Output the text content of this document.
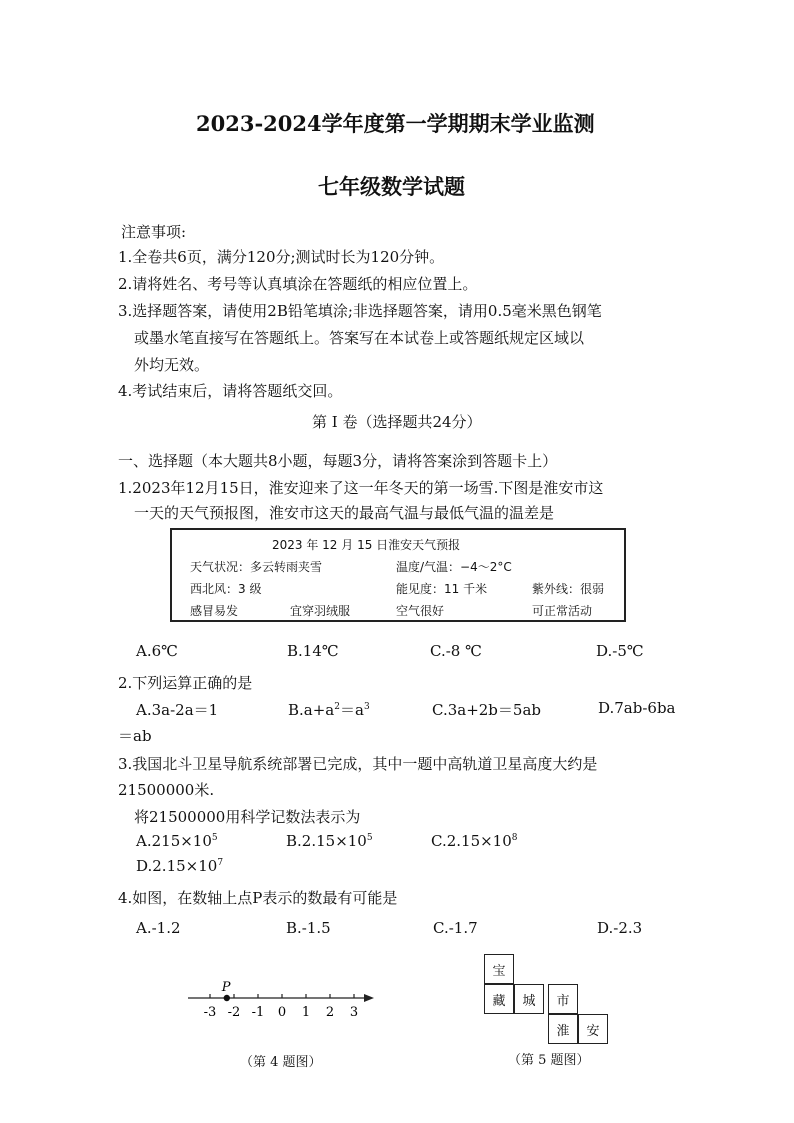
2023-2024学年度第一学期期末学业监测
七年级数学试题
注意事项:
1.全卷共6页，满分120分;测试时长为120分钟。
2.请将姓名、考号等认真填涂在答题纸的相应位置上。
3.选择题答案，请使用2B铅笔填涂;非选择题答案，请用0.5毫米黑色钢笔
或墨水笔直接写在答题纸上。答案写在本试卷上或答题纸规定区域以
外均无效。
4.考试结束后，请将答题纸交回。
第 I 卷（选择题共24分）
一、选择题（本大题共8小题，每题3分，请将答案涂到答题卡上）
1.2023年12月15日，淮安迎来了这一年冬天的第一场雪.下图是淮安市这
一天的天气预报图，淮安市这天的最高气温与最低气温的温差是
2023 年 12 月 15 日淮安天气预报
天气状况：多云转雨夹雪	温度/气温：−4～2°C
西北风：3 级	能见度：11 千米	紫外线：很弱
感冒易发	宜穿羽绒服	空气很好	可正常活动
A.6℃	B.14℃	C.-8 ℃	D.-5℃
2.下列运算正确的是
A.3a-2a＝1	$B.a+a^2=a^3$	C.3a+2b＝5ab	D.7ab-6ba
＝ab
3.我国北斗卫星导航系统部署已完成，其中一题中高轨道卫星高度大约是
21500000米.
将21500000用科学记数法表示为
$A.215\times 10^5$	$B.2.15\times 10^5$	$C.2.15\times 10^8$
$D.2.15\times 10^7$
4.如图，在数轴上点P表示的数最有可能是
A.-1.2	B.-1.5	C.-1.7	D.-2.3
-3 -2 -1 0 1 2 3
P
（第 4 题图）
宝
藏	城	市
淮	安
（第 5 题图）
